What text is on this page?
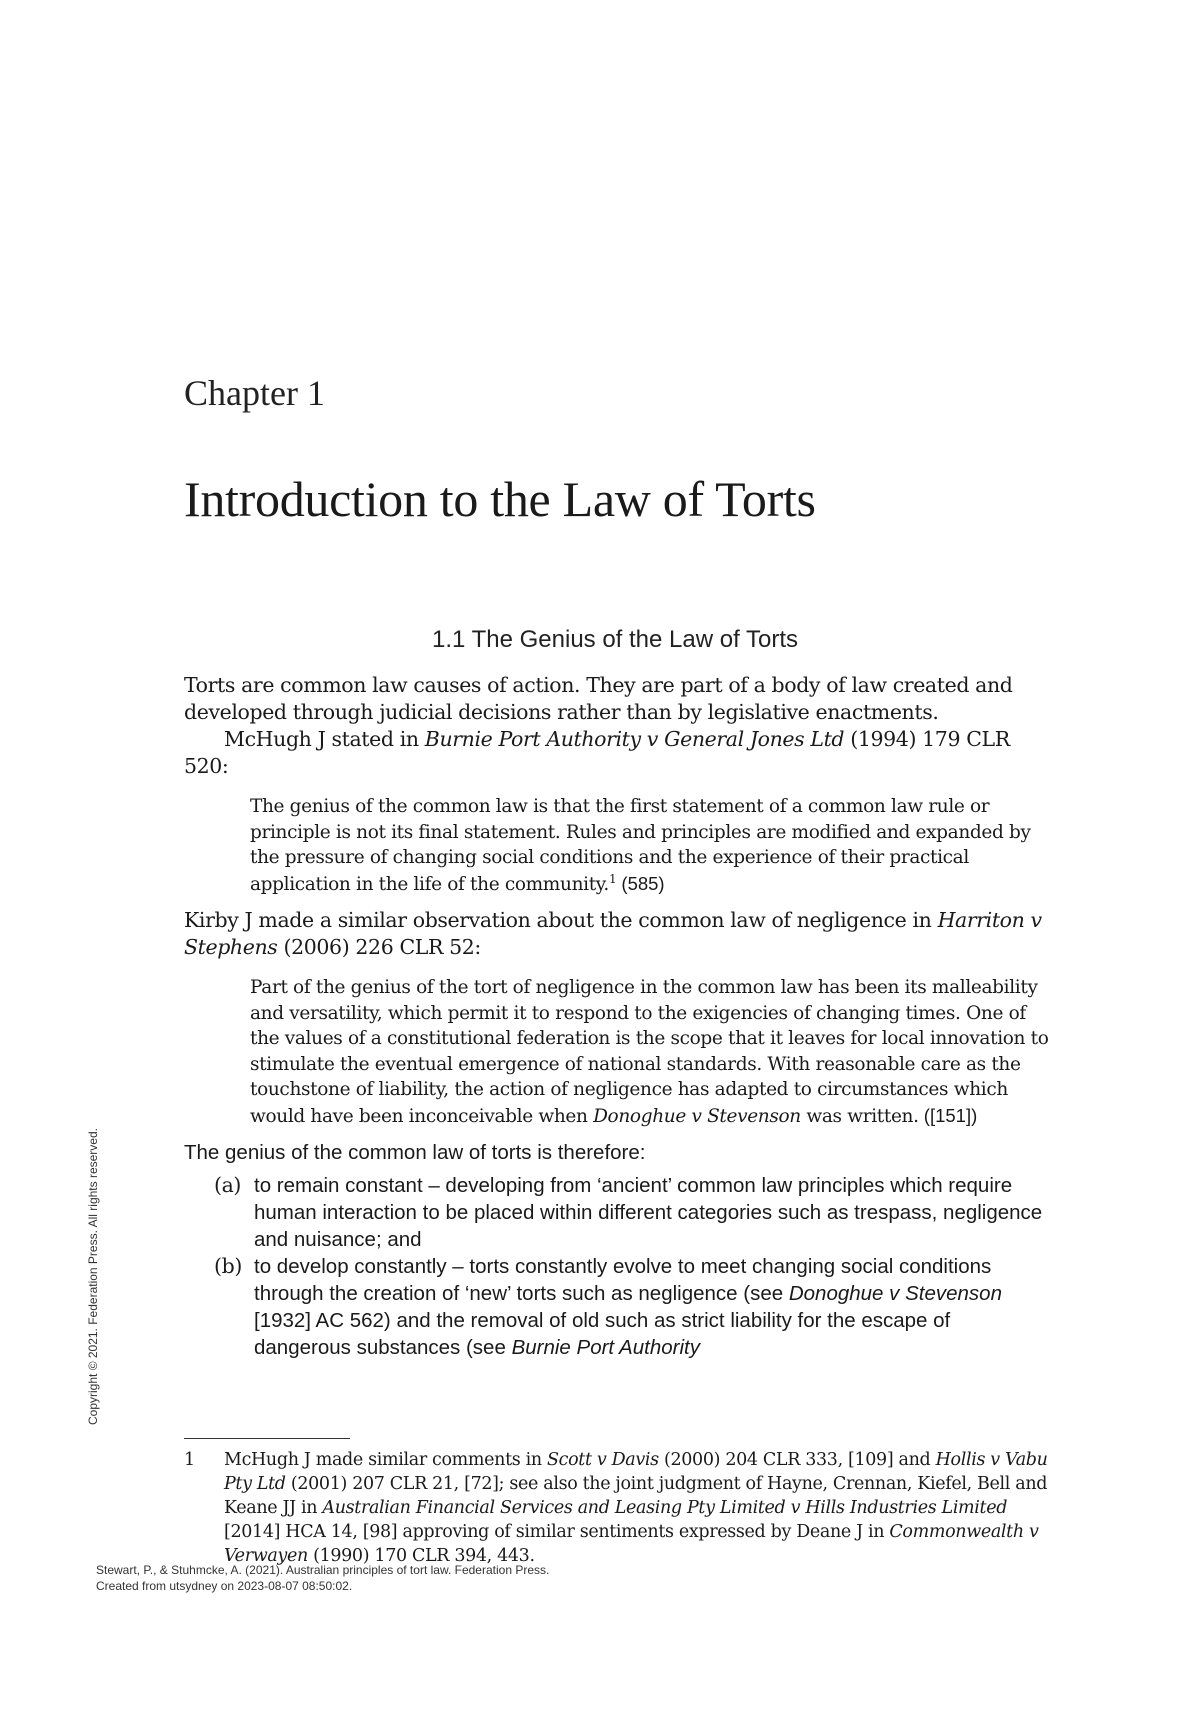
Chapter 1
Introduction to the Law of Torts
1.1 The Genius of the Law of Torts

Torts are common law causes of action. They are part of a body of law created and developed through judicial decisions rather than by legislative enactments.

McHugh J stated in Burnie Port Authority v General Jones Ltd (1994) 179 CLR 520:

The genius of the common law is that the first statement of a common law rule or principle is not its final statement. Rules and principles are modified and expanded by the pressure of changing social conditions and the experience of their practical application in the life of the community.$^1$ (585)

Kirby J made a similar observation about the common law of negligence in Harriton v Stephens (2006) 226 CLR 52:

Part of the genius of the tort of negligence in the common law has been its malleability and versatility, which permit it to respond to the exigencies of changing times. One of the values of a constitutional federation is the scope that it leaves for local innovation to stimulate the eventual emergence of national standards. With reasonable care as the touchstone of liability, the action of negligence has adapted to circumstances which would have been inconceivable when Donoghue v Stevenson was written. ([151])

The genius of the common law of torts is therefore:

(a) to remain constant – developing from ‘ancient’ common law principles which require human interaction to be placed within different categories such as trespass, negligence and nuisance; and
(b) to develop constantly – torts constantly evolve to meet changing social conditions through the creation of ‘new’ torts such as negligence (see Donoghue v Stevenson [1932] AC 562) and the removal of old such as strict liability for the escape of dangerous substances (see Burnie Port Authority
1 McHugh J made similar comments in Scott v Davis (2000) 204 CLR 333, [109] and Hollis v Vabu Pty Ltd (2001) 207 CLR 21, [72]; see also the joint judgment of Hayne, Crennan, Kiefel, Bell and Keane JJ in Australian Financial Services and Leasing Pty Limited v Hills Industries Limited [2014] HCA 14, [98] approving of similar sentiments expressed by Deane J in Commonwealth v Verwayen (1990) 170 CLR 394, 443.
Copyright © 2021. Federation Press. All rights reserved.
Stewart, P., & Stuhmcke, A. (2021). Australian principles of tort law. Federation Press.
Created from utsydney on 2023-08-07 08:50:02.
